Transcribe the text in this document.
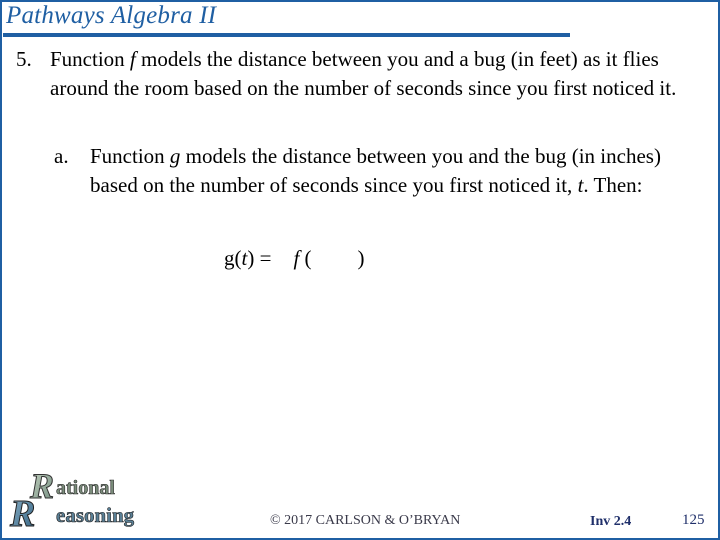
Pathways Algebra II
5. Function f models the distance between you and a bug (in feet) as it flies around the room based on the number of seconds since you first noticed it.
a. Function g models the distance between you and the bug (in inches) based on the number of seconds since you first noticed it, t. Then:
g(t) = f ( )
R ational
R easoning	© 2017 CARLSON & O’BRYAN	Inv 2.4	125
